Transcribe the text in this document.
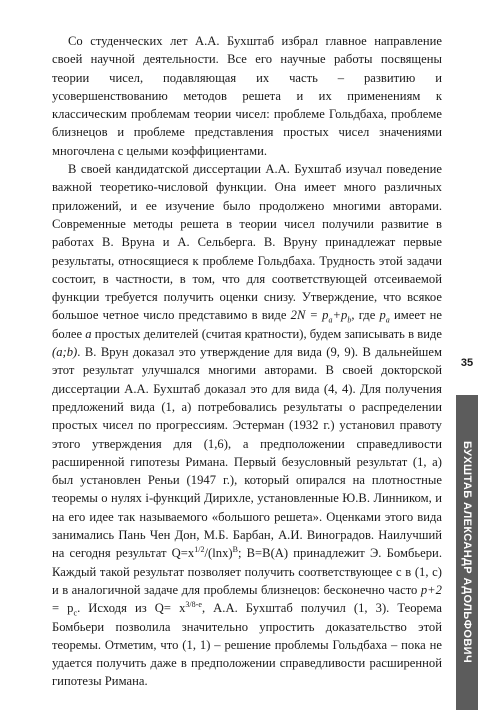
Со студенческих лет А.А. Бухштаб избрал главное направление своей научной деятельности. Все его научные работы посвящены теории чисел, подавляющая их часть – развитию и усовершенствованию методов решета и их применениям к классическим проблемам теории чисел: проблеме Гольдбаха, проблеме близнецов и проблеме представления простых чисел значениями многочлена с целыми коэффициентами.

В своей кандидатской диссертации А.А. Бухштаб изучал поведение важной теоретико-числовой функции. Она имеет много различных приложений, и ее изучение было продолжено многими авторами. Современные методы решета в теории чисел получили развитие в работах В. Вруна и А. Сельберга. В. Вруну принадлежат первые результаты, относящиеся к проблеме Гольдбаха. Трудность этой задачи состоит, в частности, в том, что для соответствующей отсеиваемой функции требуется получить оценки снизу. Утверждение, что всякое большое четное число представимо в виде $2N = p_a+p_b$, где $p_a$ имеет не более a простых делителей (считая кратности), будем записывать в виде (a;b). В. Врун доказал это утверждение для вида (9, 9). В дальнейшем этот результат улучшался многими авторами. В своей докторской диссертации А.А. Бухштаб доказал это для вида (4, 4). Для получения предложений вида (1, а) потребовались результаты о распределении простых чисел по прогрессиям. Эстерман (1932 г.) установил правоту этого утверждения для (1,6), а предположении справедливости расширенной гипотезы Римана. Первый безусловный результат (1, а) был установлен Реньи (1947 г.), который опирался на плотностные теоремы о нулях i-функций Дирихле, установленные Ю.В. Линником, и на его идее так называемого «большого решета». Оценками этого вида занимались Пань Чен Дон, М.Б. Барбан, А.И. Виноградов. Наилучший на сегодня результат $Q=x^{1/2}/(\ln x)^B$; B=B(A) принадлежит Э. Бомбьери. Каждый такой результат позволяет получить соответствующее с в (1, с) и в аналогичной задаче для проблемы близнецов: бесконечно часто $p+2 = p_c$. Исходя из $Q= x^{3/8-e}$, А.А. Бухштаб получил (1, 3). Теорема Бомбьери позволила значительно упростить доказательство этой теоремы. Отметим, что (1, 1) – решение проблемы Гольдбаха – пока не удается получить даже в предположении справедливости расширенной гипотезы Римана.

35
БУХШТАБ АЛЕКСАНДР АДОЛЬФОВИЧ
